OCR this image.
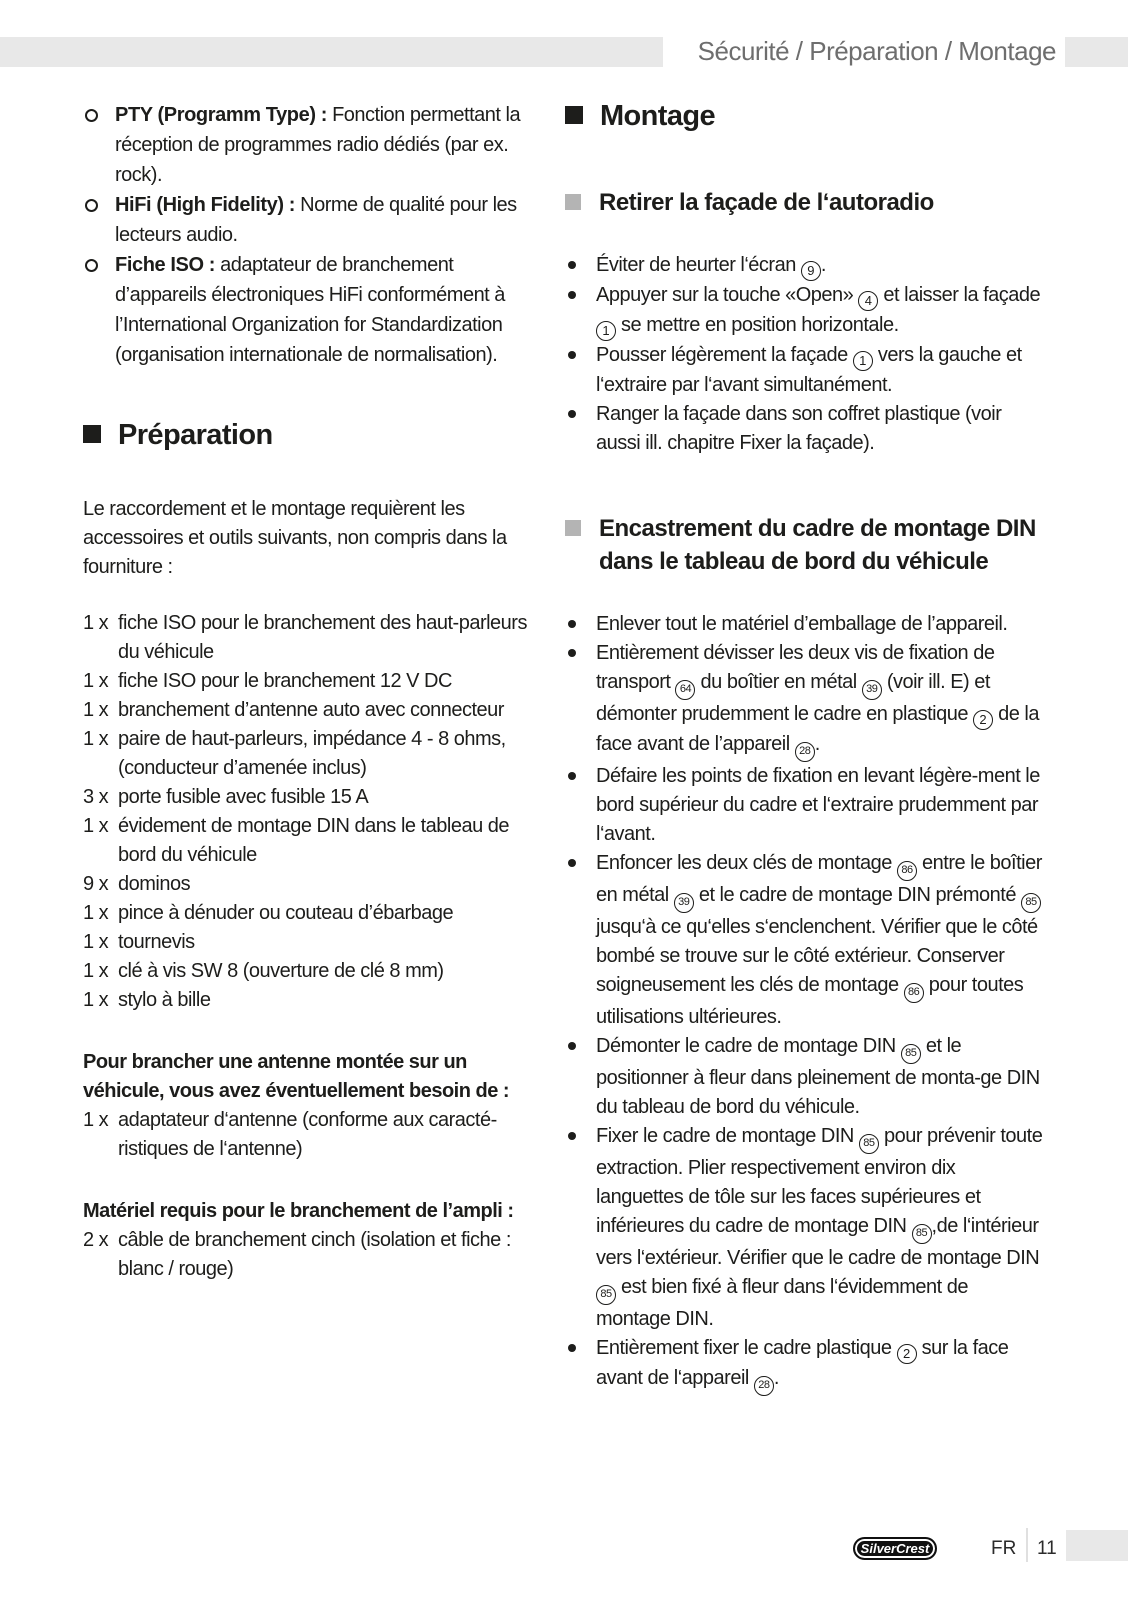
Sécurité / Préparation / Montage
PTY (Programm Type) : Fonction permettant la réception de programmes radio dédiés (par ex. rock).
HiFi (High Fidelity) : Norme de qualité pour les lecteurs audio.
Fiche ISO : adaptateur de branchement d’appareils électroniques HiFi conformément à l’International Organization for Standardization (organisation internationale de normalisation).
Préparation

Le raccordement et le montage requièrent les accessoires et outils suivants, non compris dans la fourniture :

1 x fiche ISO pour le branchement des haut-parleurs du véhicule
1 x fiche ISO pour le branchement 12 V DC
1 x branchement d’antenne auto avec connecteur
1 x paire de haut-parleurs, impédance 4 - 8 ohms, (conducteur d’amenée inclus)
3 x porte fusible avec fusible 15 A
1 x évidement de montage DIN dans le tableau de bord du véhicule
9 x dominos
1 x pince à dénuder ou couteau d’ébarbage
1 x tournevis
1 x clé à vis SW 8 (ouverture de clé 8 mm)
1 x stylo à bille

Pour brancher une antenne montée sur un véhicule, vous avez éventuellement besoin de :

1 x adaptateur d‘antenne (conforme aux caracté-ristiques de l‘antenne)

Matériel requis pour le branchement de l’ampli :

2 x câble de branchement cinch (isolation et fiche : blanc / rouge)
Montage
Retirer la façade de l‘autoradio
Éviter de heurter l‘écran 9 .
Appuyer sur la touche «Open» 4 et laisser la façade 1 se mettre en position horizontale.
Pousser légèrement la façade 1 vers la gauche et l‘extraire par l‘avant simultanément.
Ranger la façade dans son coffret plastique (voir aussi ill. chapitre Fixer la façade).
Encastrement du cadre de montage DIN dans le tableau de bord du véhicule
Enlever tout le matériel d’emballage de l’appareil.
Entièrement dévisser les deux vis de fixation de transport 64 du boîtier en métal 39 (voir ill. E) et démonter prudemment le cadre en plastique 2 de la face avant de l’appareil 28 .
Défaire les points de fixation en levant légère-ment le bord supérieur du cadre et l‘extraire prudemment par l‘avant.
Enfoncer les deux clés de montage 86 entre le boîtier en métal 39 et le cadre de montage DIN prémonté 85 jusqu‘à ce qu‘elles s‘enclenchent. Vérifier que le côté bombé se trouve sur le côté extérieur. Conserver soigneusement les clés de montage 86 pour toutes utilisations ultérieures.
Démonter le cadre de montage DIN 85 et le positionner à fleur dans pleinement de monta-ge DIN du tableau de bord du véhicule.
Fixer le cadre de montage DIN 85 pour prévenir toute extraction. Plier respectivement environ dix languettes de tôle sur les faces supérieures et inférieures du cadre de montage DIN 85 ,de l‘intérieur vers l‘extérieur. Vérifier que le cadre de montage DIN 85 est bien fixé à fleur dans l‘évidemment de montage DIN.
Entièrement fixer le cadre plastique 2 sur la face avant de l‘appareil 28 .
SilverCrest	FR 11
